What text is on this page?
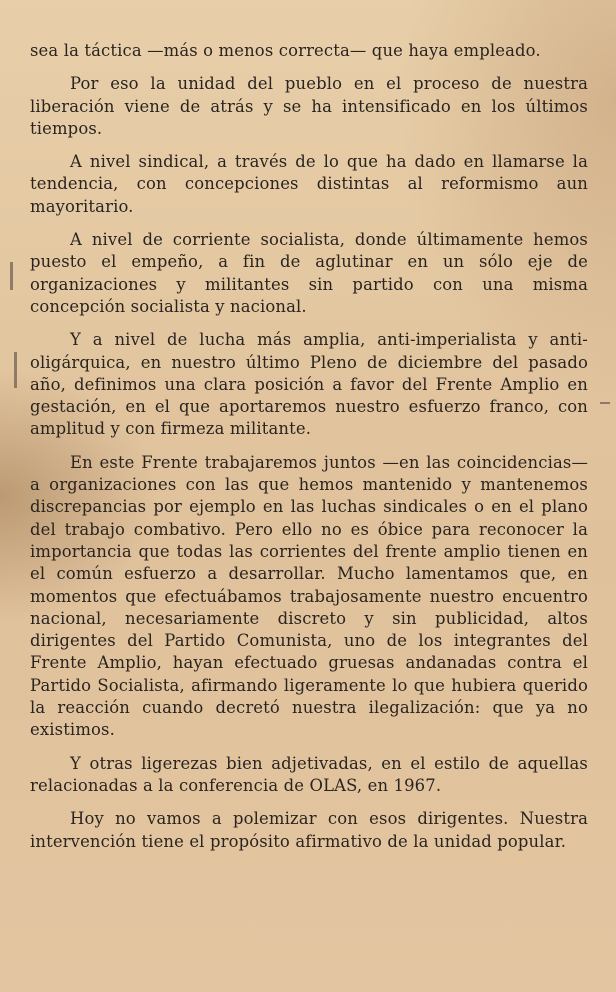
sea la táctica —más o menos correcta— que haya empleado.

Por eso la unidad del pueblo en el proceso de nuestra liberación viene de atrás y se ha intensificado en los últimos tiempos.

A nivel sindical, a través de lo que ha dado en llamarse la tendencia, con concepciones distintas al reformismo aun mayoritario.

A nivel de corriente socialista, donde últimamente hemos puesto el empeño, a fin de aglutinar en un sólo eje de organizaciones y militantes sin partido con una misma concepción socialista y nacional.

Y a nivel de lucha más amplia, anti-imperialista y anti-oligárquica, en nuestro último Pleno de diciembre del pasado año, definimos una clara posición a favor del Frente Amplio en gestación, en el que aportaremos nuestro esfuerzo franco, con amplitud y con firmeza militante.

En este Frente trabajaremos juntos —en las coincidencias— a organizaciones con las que hemos mantenido y mantenemos discrepancias por ejemplo en las luchas sindicales o en el plano del trabajo combativo. Pero ello no es óbice para reconocer la importancia que todas las corrientes del frente amplio tienen en el común esfuerzo a desarrollar. Mucho lamentamos que, en momentos que efectuábamos trabajosamente nuestro encuentro nacional, necesariamente discreto y sin publicidad, altos dirigentes del Partido Comunista, uno de los integrantes del Frente Amplio, hayan efectuado gruesas andanadas contra el Partido Socialista, afirmando ligeramente lo que hubiera querido la reacción cuando decretó nuestra ilegalización: que ya no existimos.

Y otras ligerezas bien adjetivadas, en el estilo de aquellas relacionadas a la conferencia de OLAS, en 1967.

Hoy no vamos a polemizar con esos dirigentes. Nuestra intervención tiene el propósito afirmativo de la unidad popular.
